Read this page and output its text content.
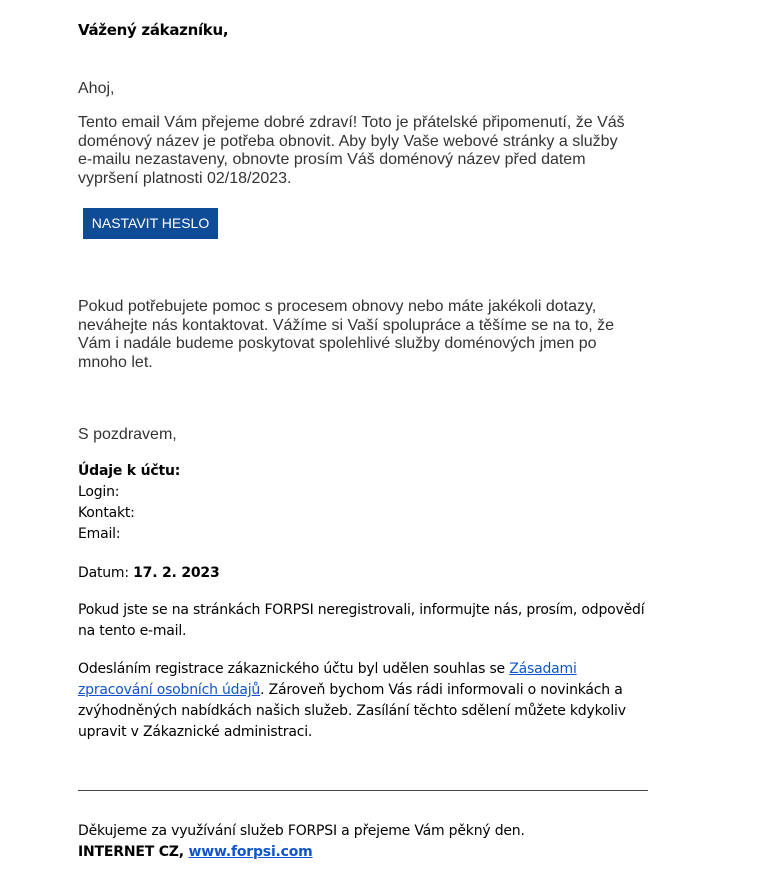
Vážený zákazníku,
Ahoj,
Tento email Vám přejeme dobré zdraví! Toto je přátelské připomenutí, že Váš
doménový název je potřeba obnovit. Aby byly Vaše webové stránky a služby
e-mailu nezastaveny, obnovte prosím Váš doménový název před datem
vypršení platnosti 02/18/2023.
NASTAVIT HESLO
Pokud potřebujete pomoc s procesem obnovy nebo máte jakékoli dotazy,
neváhejte nás kontaktovat. Vážíme si Vaší spolupráce a těšíme se na to, že
Vám i nadále budeme poskytovat spolehlivé služby doménových jmen po
mnoho let.
S pozdravem,
Údaje k účtu:
Login:
Kontakt:
Email:
Datum: 17. 2. 2023
Pokud jste se na stránkách FORPSI neregistrovali, informujte nás, prosím, odpovědí
na tento e-mail.
Odesláním registrace zákaznického účtu byl udělen souhlas se Zásadami
zpracování osobních údajů. Zároveň bychom Vás rádi informovali o novinkách a
zvýhodněných nabídkách našich služeb. Zasílání těchto sdělení můžete kdykoliv
upravit v Zákaznické administraci.
Děkujeme za využívání služeb FORPSI a přejeme Vám pěkný den.
INTERNET CZ, www.forpsi.com
